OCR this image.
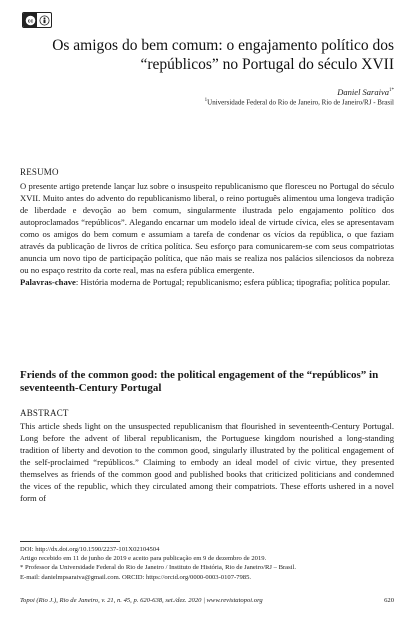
cc
Os amigos do bem comum: o engajamento político dos “repúblicos” no Portugal do século XVII
Daniel Saraiva$^{1*}$
$^1$Universidade Federal do Rio de Janeiro, Rio de Janeiro/RJ - Brasil
RESUMO
O presente artigo pretende lançar luz sobre o insuspeito republicanismo que floresceu no Portugal do século XVII. Muito antes do advento do republicanismo liberal, o reino português alimentou uma longeva tradição de liberdade e devoção ao bem comum, singularmente ilustrada pelo engajamento político dos autoproclamados “repúblicos”. Alegando encarnar um modelo ideal de virtude cívica, eles se apresentavam como os amigos do bem comum e assumiam a tarefa de condenar os vícios da república, o que faziam através da publicação de livros de crítica política. Seu esforço para comunicarem-se com seus compatriotas anuncia um novo tipo de participação política, que não mais se realiza nos palácios silenciosos da nobreza ou no espaço restrito da corte real, mas na esfera pública emergente.
Palavras-chave: História moderna de Portugal; republicanismo; esfera pública; tipografia; política popular.
Friends of the common good: the political engagement of the “repúblicos” in seventeenth-Century Portugal
ABSTRACT
This article sheds light on the unsuspected republicanism that flourished in seventeenth-Century Portugal. Long before the advent of liberal republicanism, the Portuguese kingdom nourished a long-standing tradition of liberty and devotion to the common good, singularly illustrated by the political engagement of the self-proclaimed “repúblicos.” Claiming to embody an ideal model of civic virtue, they presented themselves as friends of the common good and published books that criticized politicians and condemned the vices of the republic, which they circulated among their compatriots. These efforts ushered in a novel form of
DOI: http://dx.doi.org/10.1590/2237-101X02104504
Artigo recebido em 11 de junho de 2019 e aceito para publicação em 9 de dezembro de 2019.
* Professor da Universidade Federal do Rio de Janeiro / Instituto de História, Rio de Janeiro/RJ – Brasil.
E-mail: danielmpsaraiva@gmail.com. ORCID: https://orcid.org/0000-0003-0107-7985.
Topoi (Rio J.), Rio de Janeiro, v. 21, n. 45, p. 620-638, set./dez. 2020 | www.revistatopoi.org	620
